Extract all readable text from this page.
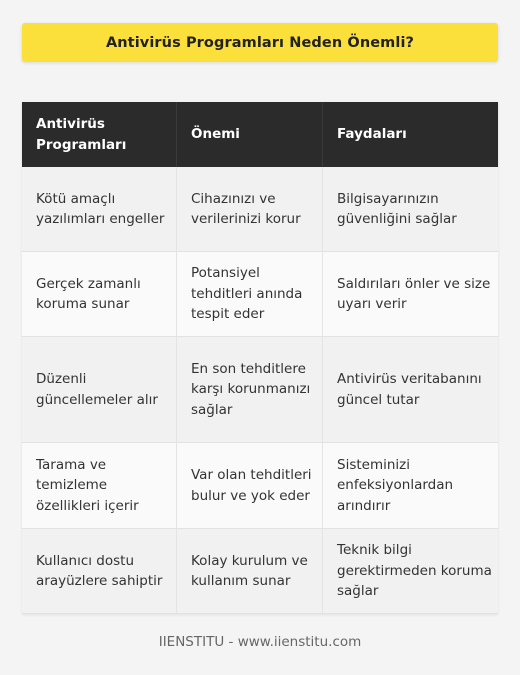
Antivirüs Programları Neden Önemli?
Antivirüs Programları
Önemi	Faydaları
Kötü amaçlı yazılımları engeller
Cihazınızı ve verilerinizi korur
Bilgisayarınızın güvenliğini sağlar
Gerçek zamanlı koruma sunar
Potansiyel tehditleri anında tespit eder
Saldırıları önler ve size uyarı verir
Düzenli güncellemeler alır
En son tehditlere karşı korunmanızı sağlar
Antivirüs veritabanını güncel tutar
Tarama ve temizleme özellikleri içerir
Var olan tehditleri bulur ve yok eder
Sisteminizi enfeksiyonlardan arındırır
Kullanıcı dostu arayüzlere sahiptir
Kolay kurulum ve kullanım sunar
Teknik bilgi gerektirmeden koruma sağlar
IIENSTITU - www.iienstitu.com
